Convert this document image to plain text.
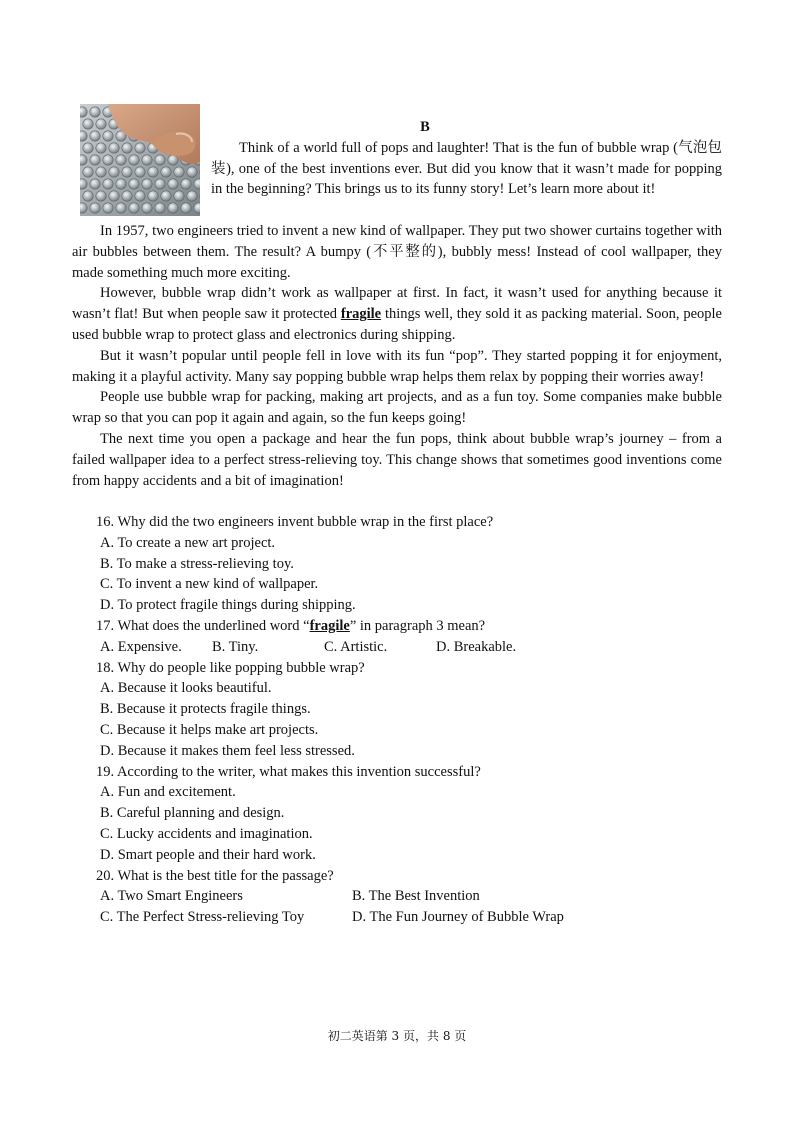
B

Think of a world full of pops and laughter! That is the fun of bubble wrap (气泡包装), one of the best inventions ever. But did you know that it wasn’t made for popping in the beginning? This brings us to its funny story! Let’s learn more about it!

In 1957, two engineers tried to invent a new kind of wallpaper. They put two shower curtains together with air bubbles between them. The result? A bumpy (不平整的), bubbly mess! Instead of cool wallpaper, they made something much more exciting.

However, bubble wrap didn’t work as wallpaper at first. In fact, it wasn’t used for anything because it wasn’t flat! But when people saw it protected fragile things well, they sold it as packing material. Soon, people used bubble wrap to protect glass and electronics during shipping.

But it wasn’t popular until people fell in love with its fun “pop”. They started popping it for enjoyment, making it a playful activity. Many say popping bubble wrap helps them relax by popping their worries away!

People use bubble wrap for packing, making art projects, and as a fun toy. Some companies make bubble wrap so that you can pop it again and again, so the fun keeps going!

The next time you open a package and hear the fun pops, think about bubble wrap’s journey – from a failed wallpaper idea to a perfect stress-relieving toy. This change shows that sometimes good inventions come from happy accidents and a bit of imagination!

16. Why did the two engineers invent bubble wrap in the first place?

A. To create a new art project.

B. To make a stress-relieving toy.

C. To invent a new kind of wallpaper.

D. To protect fragile things during shipping.

17. What does the underlined word “fragile” in paragraph 3 mean?

A. Expensive.	B. Tiny.	C. Artistic.	D. Breakable.

18. Why do people like popping bubble wrap?

A. Because it looks beautiful.

B. Because it protects fragile things.

C. Because it helps make art projects.

D. Because it makes them feel less stressed.

19. According to the writer, what makes this invention successful?

A. Fun and excitement.

B. Careful planning and design.

C. Lucky accidents and imagination.

D. Smart people and their hard work.

20. What is the best title for the passage?

A. Two Smart Engineers	B. The Best Invention
C. The Perfect Stress-relieving Toy	D. The Fun Journey of Bubble Wrap
初二英语第 3 页，共 8 页
